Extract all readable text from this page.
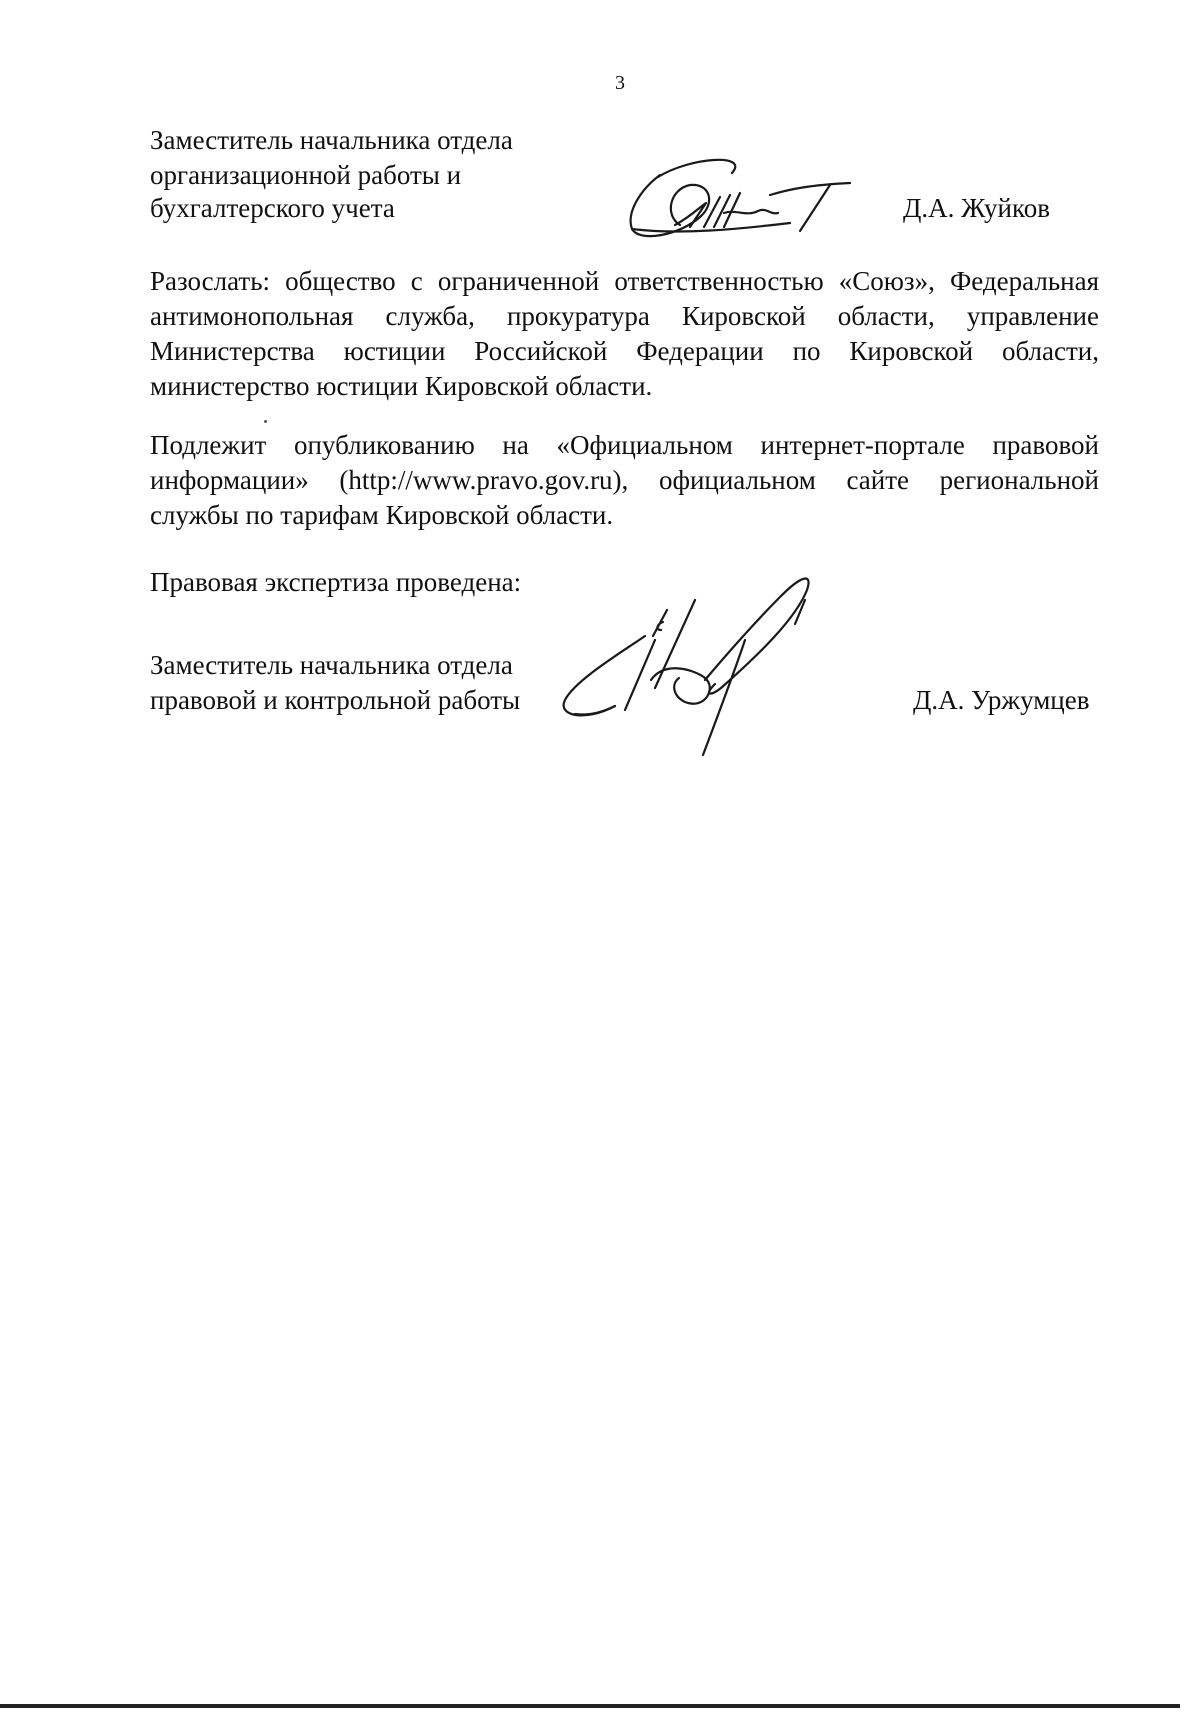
3
Заместитель начальника отдела
организационной работы и
бухгалтерского учета	Д.А. Жуйков
Разослать: общество с ограниченной ответственностью «Союз», Федеральная
антимонопольная служба, прокуратура Кировской области, управление
Министерства юстиции Российской Федерации по Кировской области,
министерство юстиции Кировской области.
Подлежит опубликованию на «Официальном интернет-портале правовой
информации» (http://www.pravo.gov.ru), официальном сайте региональной
службы по тарифам Кировской области.
Правовая экспертиза проведена:
Заместитель начальника отдела
правовой и контрольной работы	Д.А. Уржумцев
